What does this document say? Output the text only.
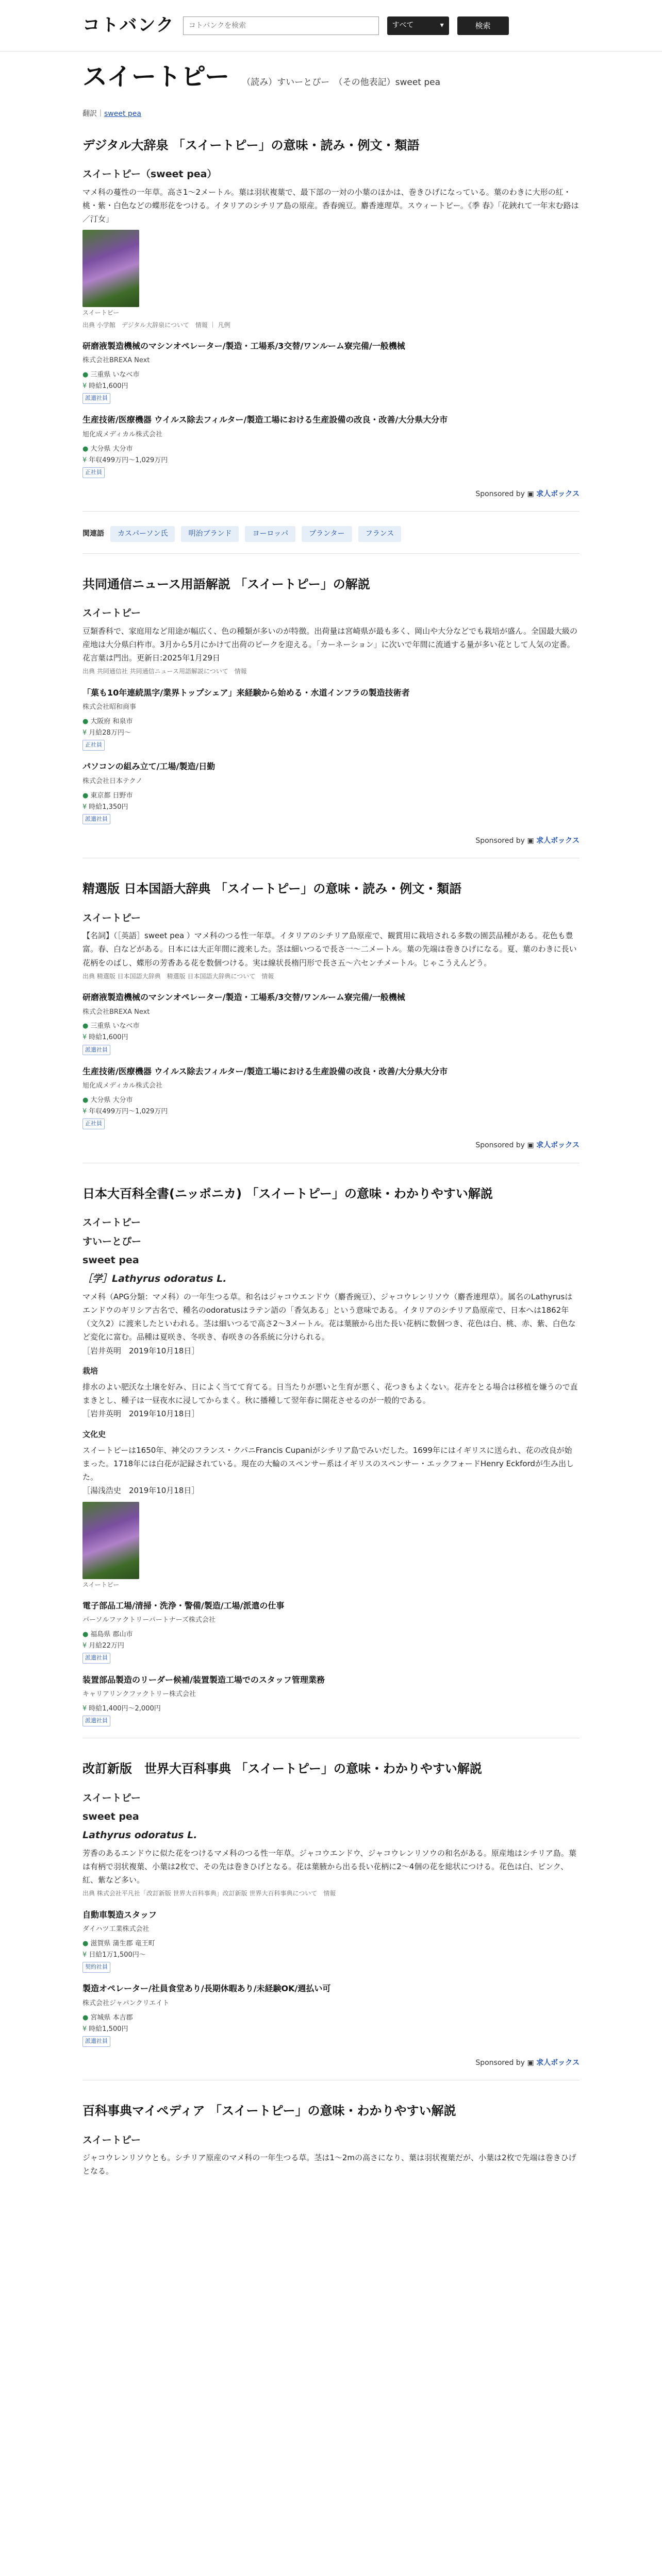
コトバンク
コトバンクを検索	すべて	▾	検索
スイートピー （読み）すいーとぴー　（その他表記）sweet pea
翻訳｜sweet pea
デジタル大辞泉 「スイートピー」の意味・読み・例文・類語
スイートピー（sweet pea）
マメ科の蔓性の一年草。高さ1〜2メートル。葉は羽状複葉で、最下部の一対の小葉のほかは、巻きひげになっている。葉のわきに大形の紅・桃・紫・白色などの蝶形花をつける。イタリアのシチリア島の原産。香春豌豆。麝香連理草。スウィートピー。《季 春》「花鋏れて一年末む路は／汀女」
スイートピー
出典 小学館　デジタル大辞泉について　情報 ｜ 凡例
研磨液製造機械のマシンオペレーター/製造・工場系/3交替/ワンルーム寮完備/一般機械
株式会社BREXA Next
● 三重県 いなべ市
¥ 時給1,600円
派遣社員
生産技術/医療機器 ウイルス除去フィルター/製造工場における生産設備の改良・改善/大分県大分市
旭化成メディカル株式会社
● 大分県 大分市
¥ 年収499万円〜1,029万円
正社員
Sponsored by ▣ 求人ボックス
関連語	カスパーソン氏	明治ブランド	ヨーロッパ	プランター	フランス
共同通信ニュース用語解説 「スイートピー」の解説
スイートピー
豆類香科で、家庭用など用途が幅広く、色の種類が多いのが特徴。出荷量は宮崎県が最も多く、岡山や大分などでも栽培が盛ん。全国最大級の産地は大分県臼杵市。3月から5月にかけて出荷のピークを迎える。「カーネーション」に次いで年間に流通する量が多い花として人気の定番。花言葉は門出。更新日:2025年1月29日
出典 共同通信社 共同通信ニュース用語解説について　情報
「菓も10年連続黒字/業界トップシェア」来経験から始める・水道インフラの製造技術者
株式会社昭和商事
● 大阪府 和泉市
¥ 月給28万円〜
正社員
パソコンの組み立て/工場/製造/日勤
株式会社日本テクノ
● 東京都 日野市
¥ 時給1,350円
派遣社員
Sponsored by ▣ 求人ボックス
精選版 日本国語大辞典 「スイートピー」の意味・読み・例文・類語
スイートピー
【名詞】（［英語］sweet pea ）マメ科のつる性一年草。イタリアのシチリア島原産で、観賞用に栽培される多数の園芸品種がある。花色も豊富。春、白などがある。日本には大正年間に渡来した。茎は細いつるで長さ一〜二メートル。葉の先端は巻きひげになる。夏、葉のわきに長い花柄をのばし、蝶形の芳香ある花を数個つける。実は線状長楕円形で長さ五〜六センチメートル。じゃこうえんどう。
出典 精選版 日本国語大辞典　精選版 日本国語大辞典について　情報
研磨液製造機械のマシンオペレーター/製造・工場系/3交替/ワンルーム寮完備/一般機械
株式会社BREXA Next
● 三重県 いなべ市
¥ 時給1,600円
派遣社員
生産技術/医療機器 ウイルス除去フィルター/製造工場における生産設備の改良・改善/大分県大分市
旭化成メディカル株式会社
● 大分県 大分市
¥ 年収499万円〜1,029万円
正社員
Sponsored by ▣ 求人ボックス
日本大百科全書(ニッポニカ) 「スイートピー」の意味・わかりやすい解説
スイートピー
すいーとぴー
sweet pea
［学］Lathyrus odoratus L.
マメ科（APG分類：マメ科）の一年生つる草。和名はジャコウエンドウ（麝香豌豆）、ジャコウレンリソウ（麝香連理草）。属名のLathyrusはエンドウのギリシア古名で、種名のodoratusはラテン語の「香気ある」という意味である。イタリアのシチリア島原産で、日本へは1862年（文久2）に渡来したといわれる。茎は細いつるで高さ2〜3メートル。花は葉腋から出た長い花柄に数個つき、花色は白、桃、赤、紫、白色など変化に富む。品種は夏咲き、冬咲き、春咲きの各系統に分けられる。
［岩井英明　2019年10月18日］
栽培
排水のよい肥沃な土壌を好み、日によく当てて育てる。日当たりが悪いと生育が悪く、花つきもよくない。花卉をとる場合は移植を嫌うので直まきとし、種子は一昼夜水に浸してからまく。秋に播種して翌年春に開花させるのが一般的である。
［岩井英明　2019年10月18日］
文化史
スイートピーは1650年、神父のフランス・クパニFrancis Cupaniがシチリア島でみいだした。1699年にはイギリスに送られ、花の改良が始まった。1718年には白花が記録されている。現在の大輪のスペンサー系はイギリスのスペンサー・エックフォードHenry Eckfordが生み出した。
［湯浅浩史　2019年10月18日］
スイートピー
電子部品工場/清掃・洗浄・警備/製造/工場/派遣の仕事
パーソルファクトリーパートナーズ株式会社
● 福島県 郡山市
¥ 月給22万円
派遣社員
装置部品製造のリーダー候補/装置製造工場でのスタッフ管理業務
キャリアリンクファクトリー株式会社
¥ 時給1,400円〜2,000円
派遣社員
改訂新版　世界大百科事典 「スイートピー」の意味・わかりやすい解説
スイートピー
sweet pea
Lathyrus odoratus L.
芳香のあるエンドウに似た花をつけるマメ科のつる性一年草。ジャコウエンドウ、ジャコウレンリソウの和名がある。原産地はシチリア島。葉は有柄で羽状複葉、小葉は2枚で、その先は巻きひげとなる。花は葉腋から出る長い花柄に2〜4個の花を総状につける。花色は白、ピンク、紅、紫など多い。
出典 株式会社平凡社「改訂新版 世界大百科事典」改訂新版 世界大百科事典について　情報
自動車製造スタッフ
ダイハツ工業株式会社
● 滋賀県 蒲生郡 竜王町
¥ 日給1万1,500円〜
契約社員
製造オペレーター/社員食堂あり/長期休暇あり/未経験OK/週払い可
株式会社ジャパンクリエイト
● 宮城県 本吉郡
¥ 時給1,500円
派遣社員
Sponsored by ▣ 求人ボックス
百科事典マイペディア 「スイートピー」の意味・わかりやすい解説
スイートピー
ジャコウレンリソウとも。シチリア原産のマメ科の一年生つる草。茎は1〜2mの高さになり、葉は羽状複葉だが、小葉は2枚で先端は巻きひげとなる。
